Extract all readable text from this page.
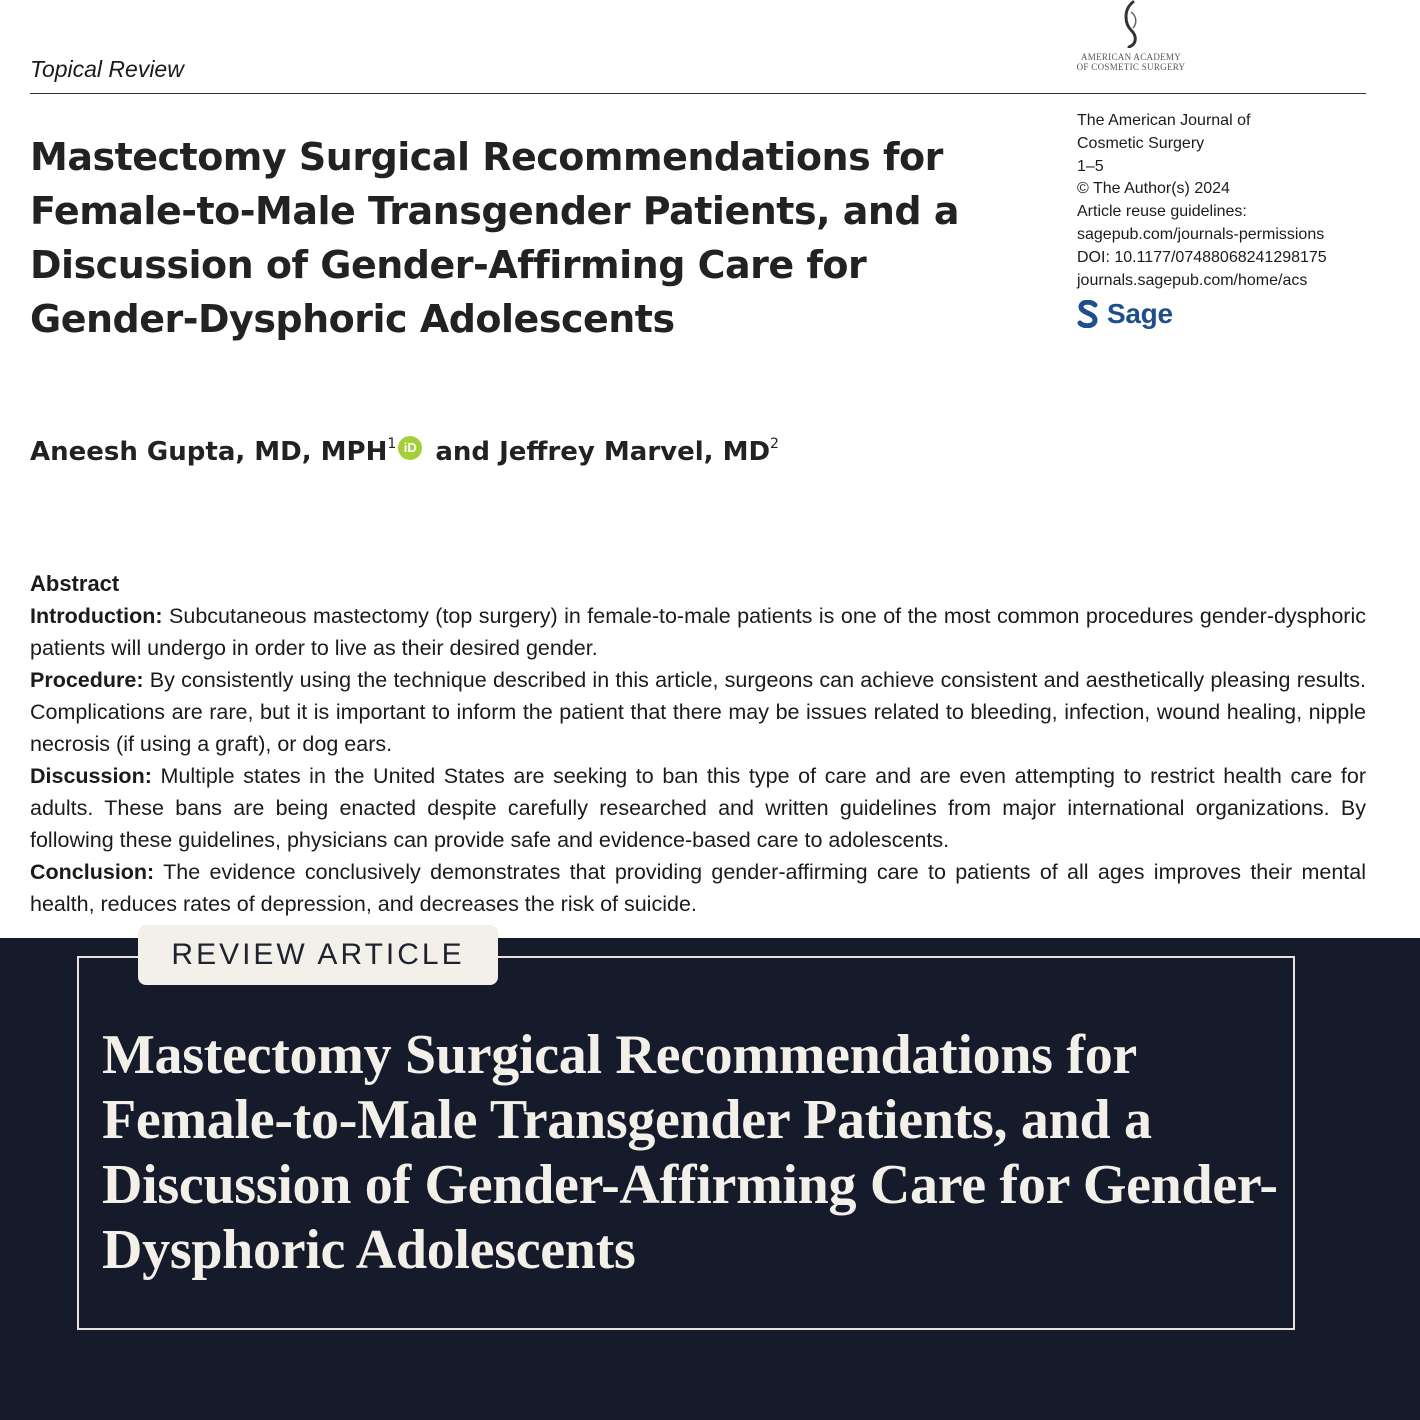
Topical Review	AMERICAN ACADEMY
OF COSMETIC SURGERY
Mastectomy Surgical Recommendations for Female-to-Male Transgender Patients, and a Discussion of Gender-Affirming Care for Gender-Dysphoric Adolescents
The American Journal of
Cosmetic Surgery
1–5
© The Author(s) 2024
Article reuse guidelines:
sagepub.com/journals-permissions
DOI: 10.1177/07488068241298175
journals.sagepub.com/home/acs
Sage

Aneesh Gupta, MD, MPH$^1$ iD and Jeffrey Marvel, $MD^2$

Abstract

Introduction: Subcutaneous mastectomy (top surgery) in female-to-male patients is one of the most common procedures gender-dysphoric patients will undergo in order to live as their desired gender.

Procedure: By consistently using the technique described in this article, surgeons can achieve consistent and aesthetically pleasing results. Complications are rare, but it is important to inform the patient that there may be issues related to bleeding, infection, wound healing, nipple necrosis (if using a graft), or dog ears.

Discussion: Multiple states in the United States are seeking to ban this type of care and are even attempting to restrict health care for adults. These bans are being enacted despite carefully researched and written guidelines from major international organizations. By following these guidelines, physicians can provide safe and evidence-based care to adolescents.

Conclusion: The evidence conclusively demonstrates that providing gender-affirming care to patients of all ages improves their mental health, reduces rates of depression, and decreases the risk of suicide.

REVIEW ARTICLE
Mastectomy Surgical Recommendations for Female-to-Male Transgender Patients, and a Discussion of Gender-Affirming Care for Gender-Dysphoric Adolescents
